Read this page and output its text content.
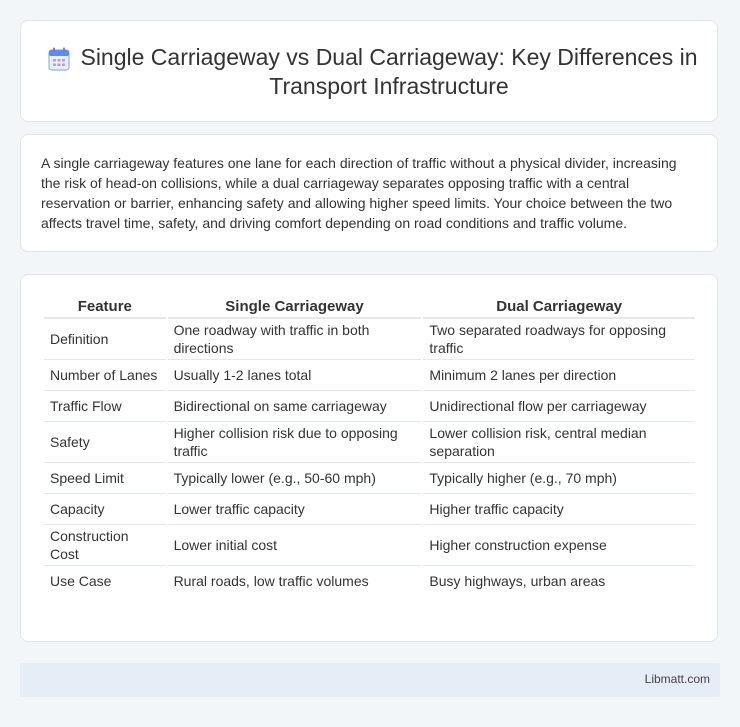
Single Carriageway vs Dual Carriageway: Key Differences in Transport Infrastructure

A single carriageway features one lane for each direction of traffic without a physical divider, increasing the risk of head-on collisions, while a dual carriageway separates opposing traffic with a central reservation or barrier, enhancing safety and allowing higher speed limits. Your choice between the two affects travel time, safety, and driving comfort depending on road conditions and traffic volume.

Feature	Single Carriageway	Dual Carriageway
Definition	One roadway with traffic in both directions	Two separated roadways for opposing traffic
Number of Lanes	Usually 1-2 lanes total	Minimum 2 lanes per direction
Traffic Flow	Bidirectional on same carriageway	Unidirectional flow per carriageway
Safety	Higher collision risk due to opposing traffic	Lower collision risk, central median separation
Speed Limit	Typically lower (e.g., 50-60 mph)	Typically higher (e.g., 70 mph)
Capacity	Lower traffic capacity	Higher traffic capacity
Construction Cost	Lower initial cost	Higher construction expense
Use Case	Rural roads, low traffic volumes	Busy highways, urban areas
Libmatt.com
